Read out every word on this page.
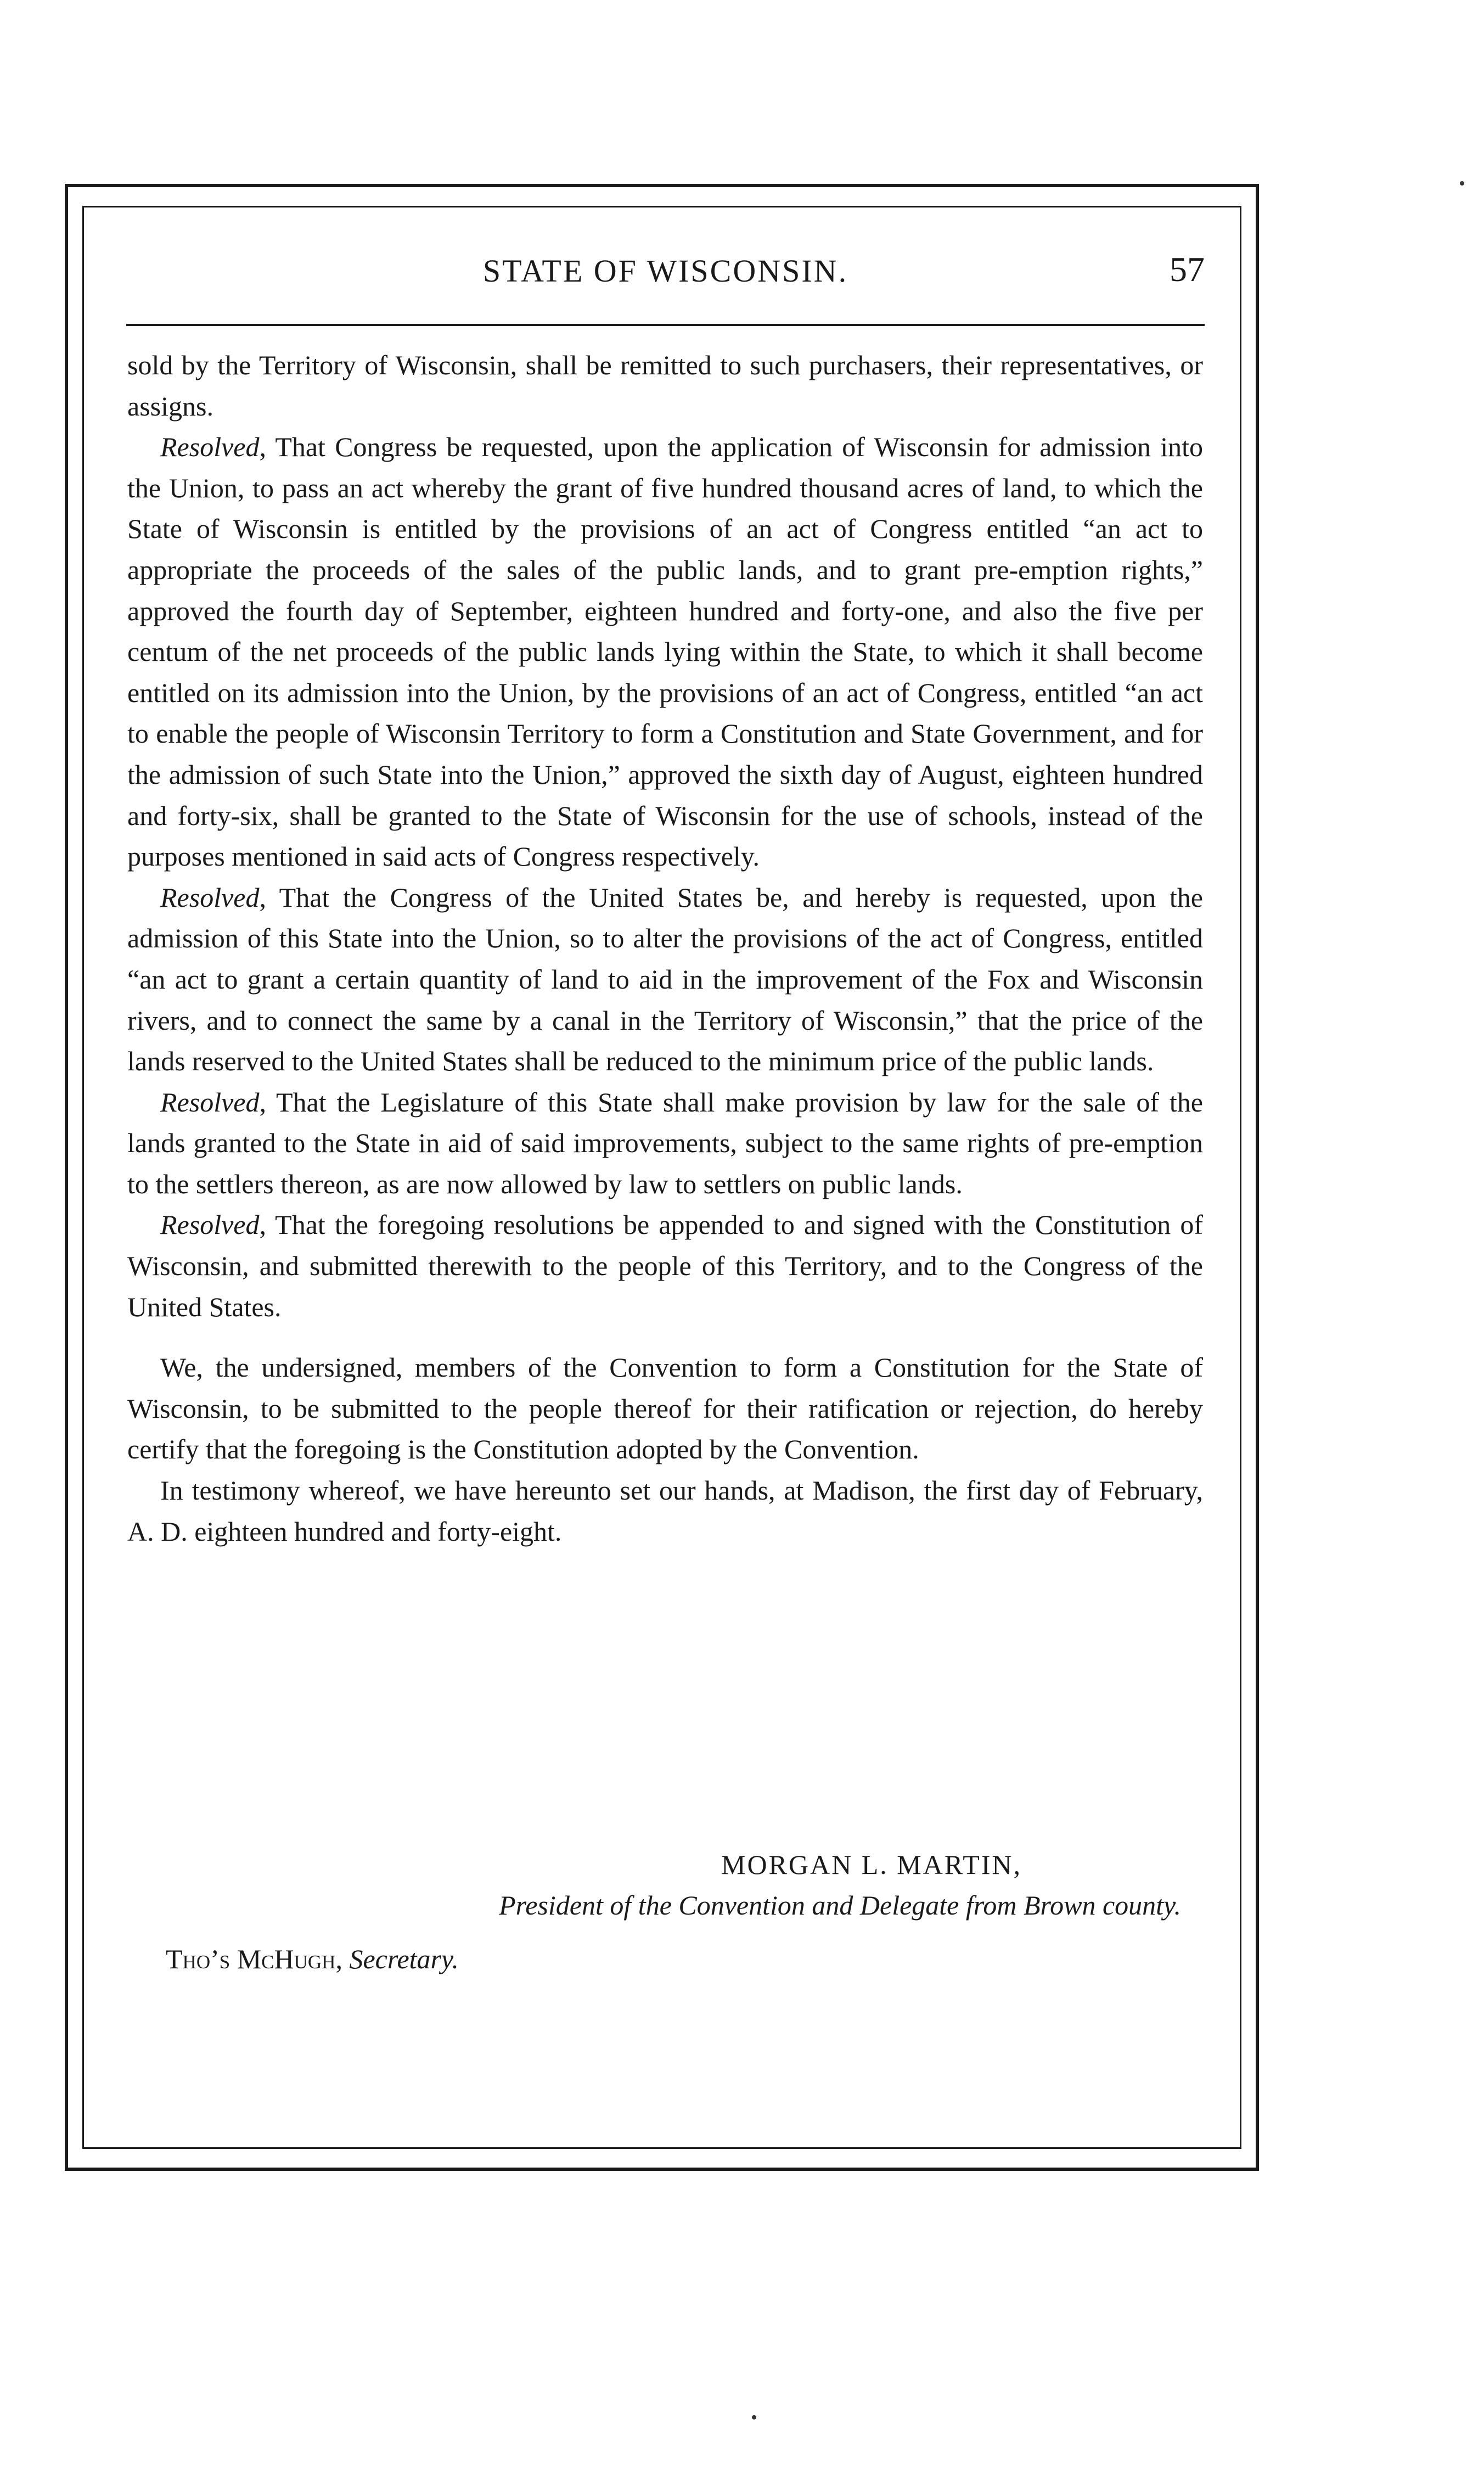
STATE OF WISCONSIN.	57

sold by the Territory of Wisconsin, shall be remitted to such purchasers, their representatives, or assigns.

Resolved, That Congress be requested, upon the application of Wisconsin for admission into the Union, to pass an act whereby the grant of five hundred thousand acres of land, to which the State of Wisconsin is entitled by the provisions of an act of Congress entitled “an act to appropriate the proceeds of the sales of the public lands, and to grant pre-emption rights,” approved the fourth day of September, eighteen hundred and forty-one, and also the five per centum of the net proceeds of the public lands lying within the State, to which it shall become entitled on its admission into the Union, by the provisions of an act of Congress, entitled “an act to enable the people of Wisconsin Territory to form a Constitution and State Government, and for the admission of such State into the Union,” approved the sixth day of August, eighteen hundred and forty-six, shall be granted to the State of Wisconsin for the use of schools, instead of the purposes mentioned in said acts of Congress respectively.

Resolved, That the Congress of the United States be, and hereby is requested, upon the admission of this State into the Union, so to alter the provisions of the act of Congress, entitled “an act to grant a certain quantity of land to aid in the improvement of the Fox and Wisconsin rivers, and to connect the same by a canal in the Territory of Wisconsin,” that the price of the lands reserved to the United States shall be reduced to the minimum price of the public lands.

Resolved, That the Legislature of this State shall make provision by law for the sale of the lands granted to the State in aid of said improvements, subject to the same rights of pre-emption to the settlers thereon, as are now allowed by law to settlers on public lands.

Resolved, That the foregoing resolutions be appended to and signed with the Constitution of Wisconsin, and submitted therewith to the people of this Territory, and to the Congress of the United States.

We, the undersigned, members of the Convention to form a Constitution for the State of Wisconsin, to be submitted to the people thereof for their ratification or rejection, do hereby certify that the foregoing is the Constitution adopted by the Convention.

In testimony whereof, we have hereunto set our hands, at Madison, the first day of February, A. D. eighteen hundred and forty-eight.

MORGAN L. MARTIN,
President of the Convention and Delegate from Brown county.
Tho’s McHugh, Secretary.
